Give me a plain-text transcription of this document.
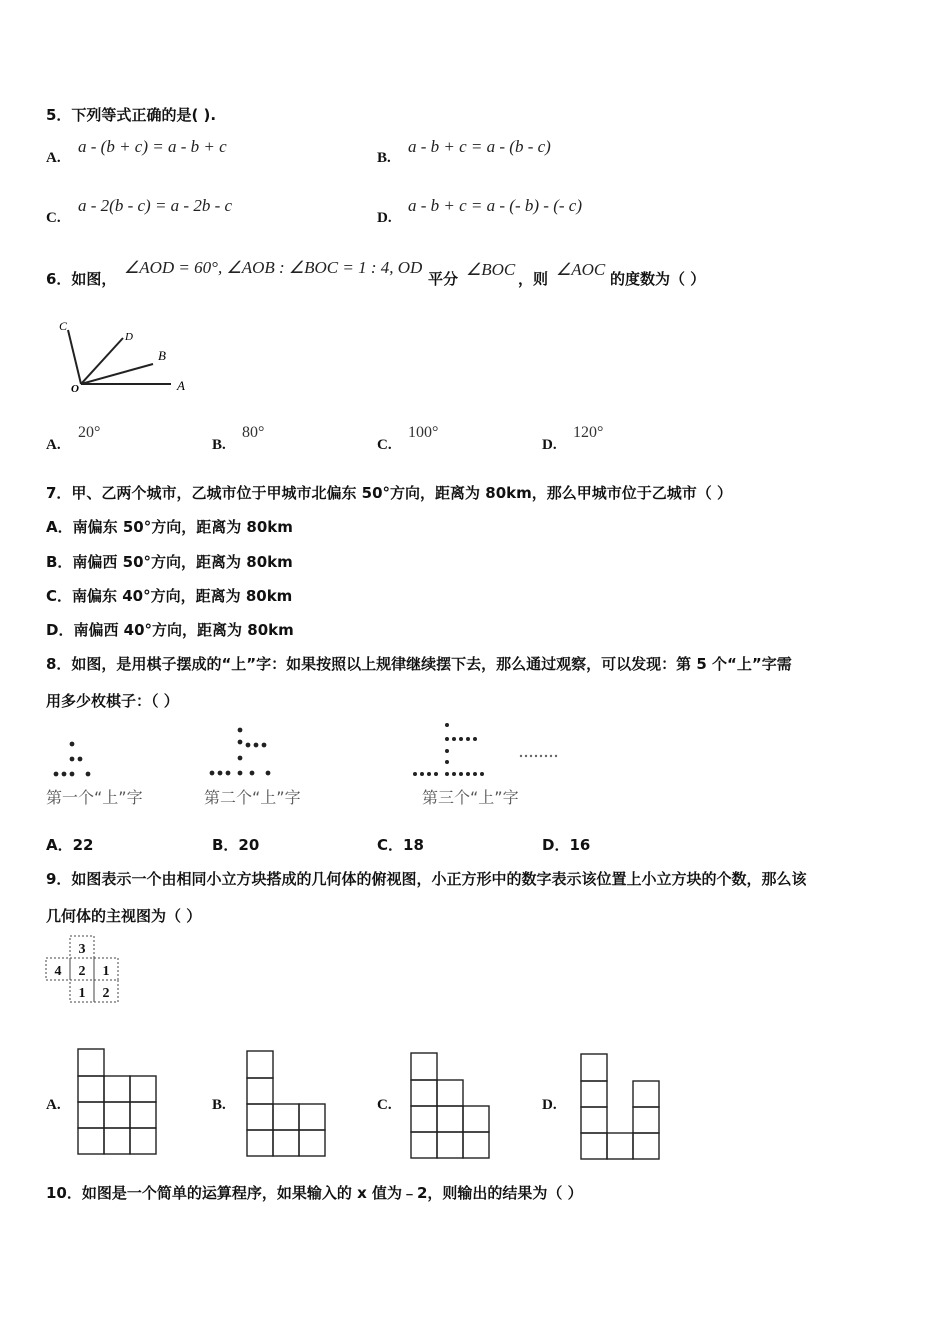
5．下列等式正确的是( ).
A.
a - (b + c) = a - b + c
B.
a - b + c = a - (b - c)
C.
a - 2(b - c) = a - 2b - c
D.
a - b + c = a - (- b) - (- c)
6．如图，
∠AOD = 60°, ∠AOB : ∠BOC = 1 : 4, OD
平分 ∠BOC ，则 ∠AOC 的度数为（ ）
C
D
B
O	A
A.
20°
B.
80°
C.
100°
D.
120°
7．甲、乙两个城市，乙城市位于甲城市北偏东 50°方向，距离为 80km，那么甲城市位于乙城市（ ）
A．南偏东 50°方向，距离为 80km
B．南偏西 50°方向，距离为 80km
C．南偏东 40°方向，距离为 80km
D．南偏西 40°方向，距离为 80km
8．如图，是用棋子摆成的“上”字：如果按照以上规律继续摆下去，那么通过观察，可以发现：第 5 个“上”字需
用多少枚棋子：（ ）
第一个“上”字	第二个“上”字	第三个“上”字
A．22	B．20	C．18	D．16
9．如图表示一个由相同小立方块搭成的几何体的俯视图，小正方形中的数字表示该位置上小立方块的个数，那么该
几何体的主视图为（ ）
3
4 2 1
1 2
A.	B.	C.	D.
10．如图是一个简单的运算程序，如果输入的 x 值为﹣2，则输出的结果为（ ）
